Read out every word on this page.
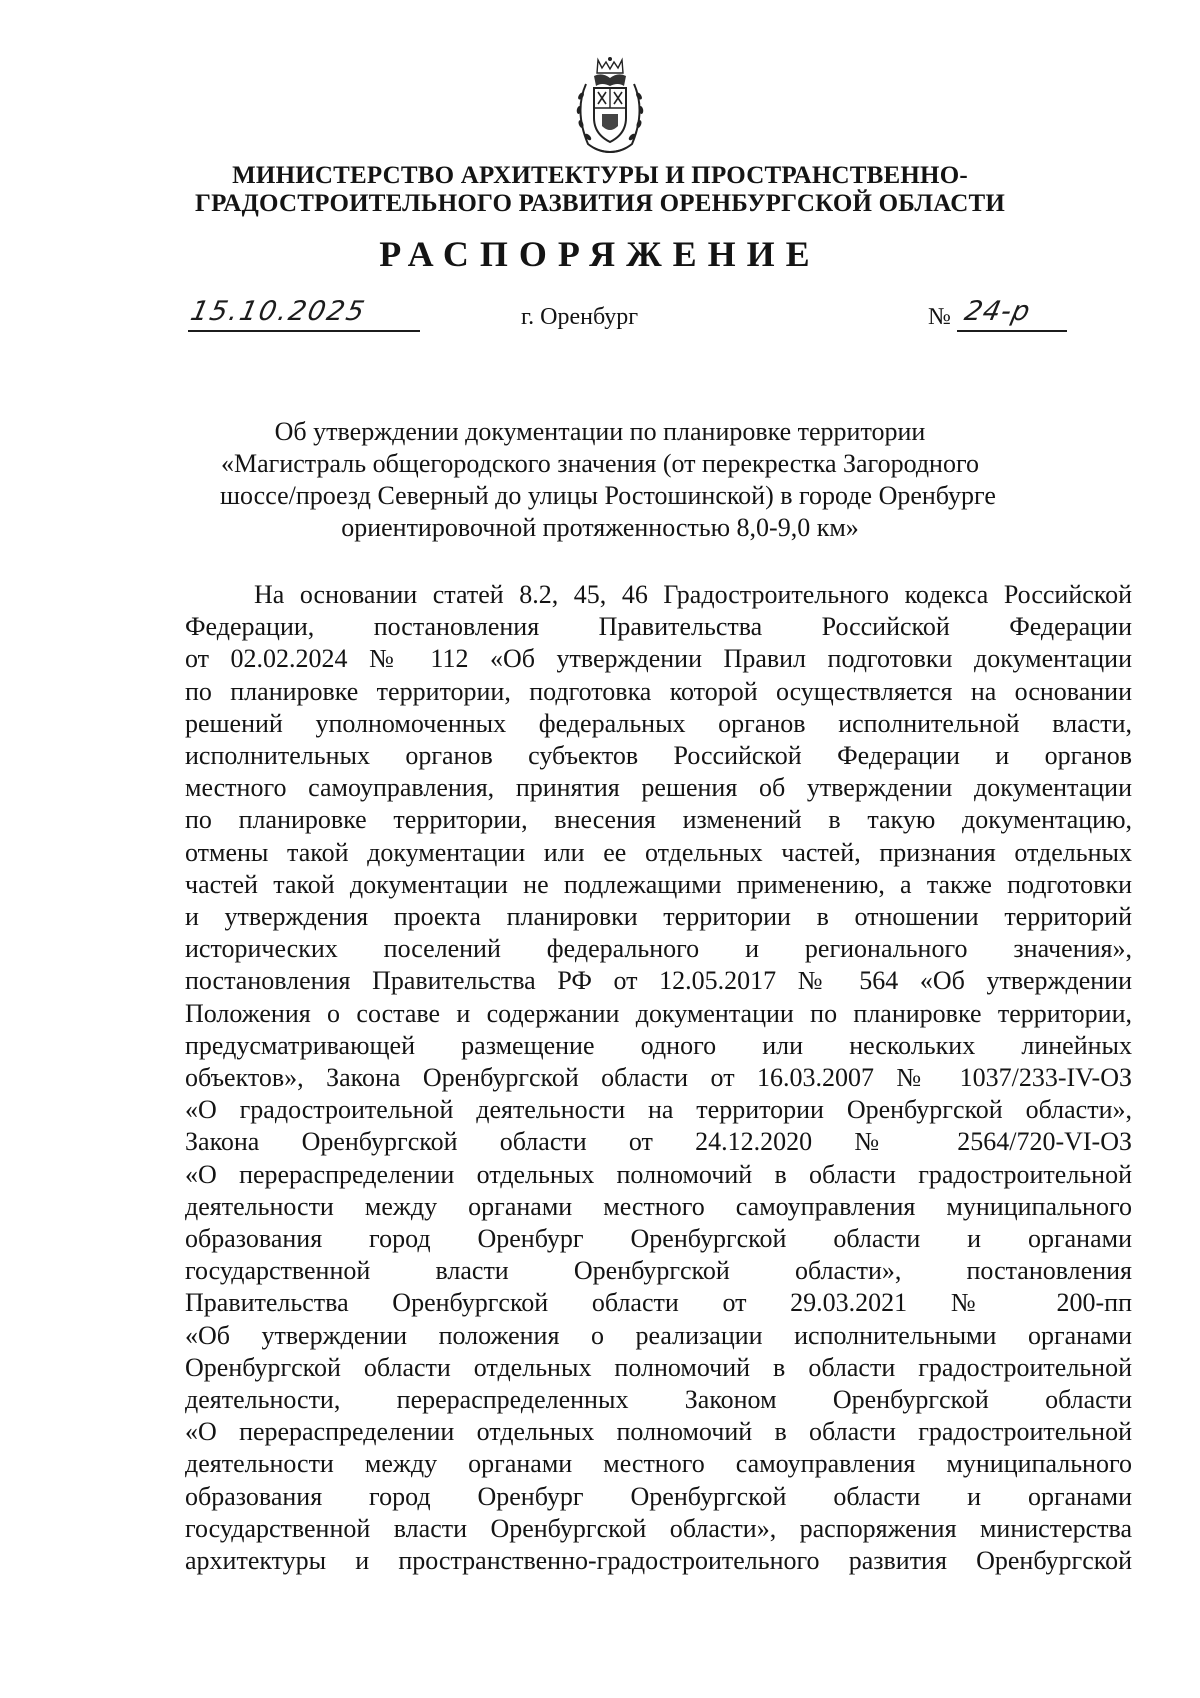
МИНИСТЕРСТВО АРХИТЕКТУРЫ И ПРОСТРАНСТВЕННО-
ГРАДОСТРОИТЕЛЬНОГО РАЗВИТИЯ ОРЕНБУРГСКОЙ ОБЛАСТИ
РАСПОРЯЖЕНИЕ
15.10.2025	г. Оренбург	№ 24-р
Об утверждении документации по планировке территории
«Магистраль общегородского значения (от перекрестка Загородного
шоссе/проезд Северный до улицы Ростошинской) в городе Оренбурге
ориентировочной протяженностью 8,0-9,0 км»
На основании статей 8.2, 45, 46 Градостроительного кодекса Российской
Федерации, постановления Правительства Российской Федерации
от 02.02.2024 № 112 «Об утверждении Правил подготовки документации
по планировке территории, подготовка которой осуществляется на основании
решений уполномоченных федеральных органов исполнительной власти,
исполнительных органов субъектов Российской Федерации и органов
местного самоуправления, принятия решения об утверждении документации
по планировке территории, внесения изменений в такую документацию,
отмены такой документации или ее отдельных частей, признания отдельных
частей такой документации не подлежащими применению, а также подготовки
и утверждения проекта планировки территории в отношении территорий
исторических поселений федерального и регионального значения»,
постановления Правительства РФ от 12.05.2017 № 564 «Об утверждении
Положения о составе и содержании документации по планировке территории,
предусматривающей размещение одного или нескольких линейных
объектов», Закона Оренбургской области от 16.03.2007 № 1037/233-IV-ОЗ
«О градостроительной деятельности на территории Оренбургской области»,
Закона Оренбургской области от 24.12.2020 № 2564/720-VI-ОЗ
«О перераспределении отдельных полномочий в области градостроительной
деятельности между органами местного самоуправления муниципального
образования город Оренбург Оренбургской области и органами
государственной власти Оренбургской области», постановления
Правительства Оренбургской области от 29.03.2021 № 200-пп
«Об утверждении положения о реализации исполнительными органами
Оренбургской области отдельных полномочий в области градостроительной
деятельности, перераспределенных Законом Оренбургской области
«О перераспределении отдельных полномочий в области градостроительной
деятельности между органами местного самоуправления муниципального
образования город Оренбург Оренбургской области и органами
государственной власти Оренбургской области», распоряжения министерства
архитектуры и пространственно-градостроительного развития Оренбургской
